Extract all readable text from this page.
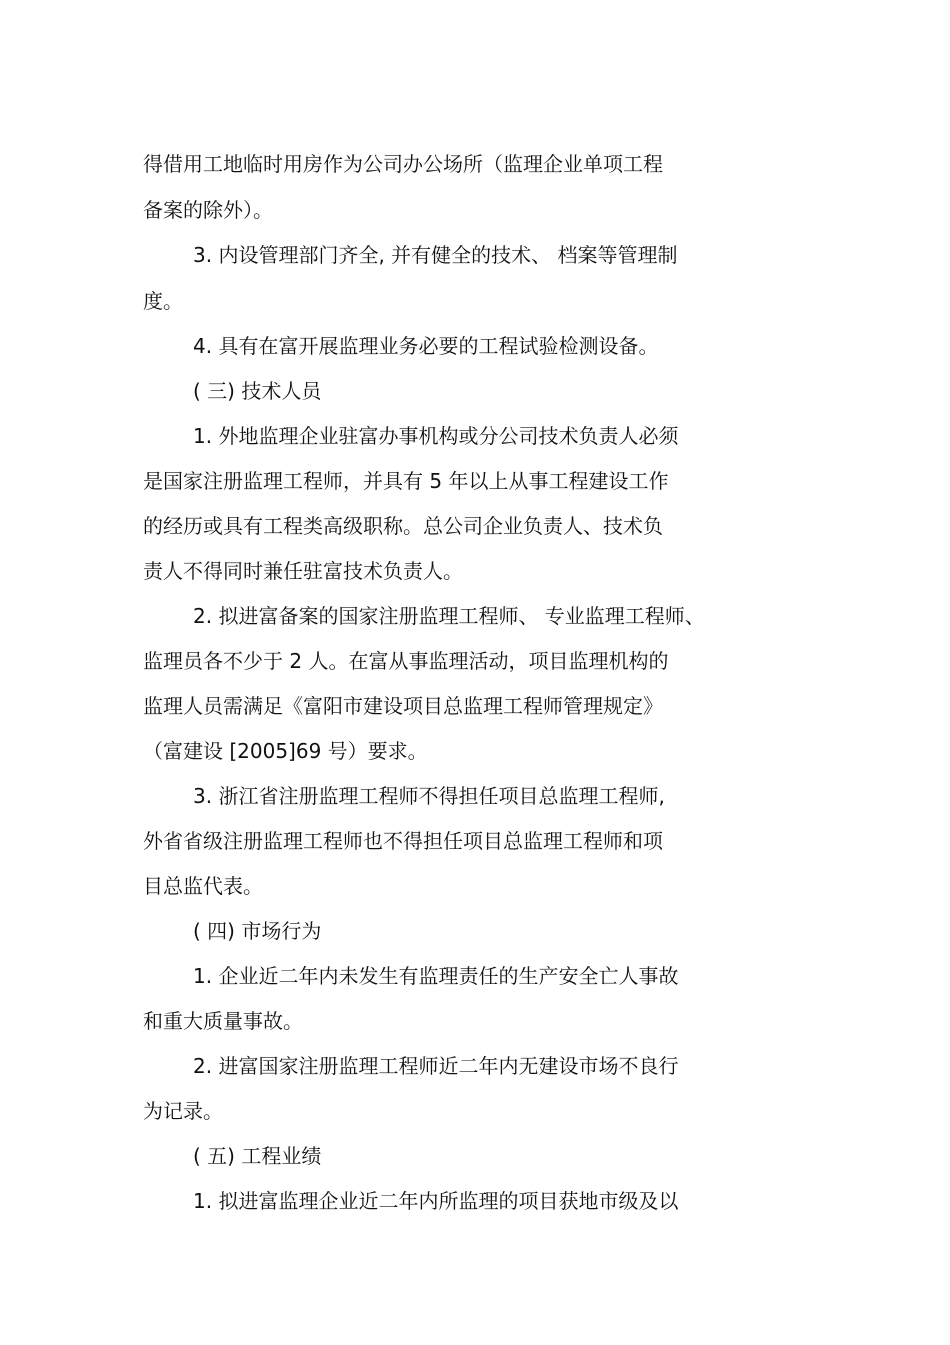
得借用工地临时用房作为公司办公场所（监理企业单项工程
备案的除外）。
3. 内设管理部门齐全, 并有健全的技术、 档案等管理制
度。
4. 具有在富开展监理业务必要的工程试验检测设备。
( 三) 技术人员
1. 外地监理企业驻富办事机构或分公司技术负责人必须
是国家注册监理工程师，并具有 5 年以上从事工程建设工作
的经历或具有工程类高级职称。总公司企业负责人、技术负
责人不得同时兼任驻富技术负责人。
2. 拟进富备案的国家注册监理工程师、 专业监理工程师、
监理员各不少于 2 人。在富从事监理活动，项目监理机构的
监理人员需满足《富阳市建设项目总监理工程师管理规定》
（富建设 [2005]69 号）要求。
3. 浙江省注册监理工程师不得担任项目总监理工程师,
外省省级注册监理工程师也不得担任项目总监理工程师和项
目总监代表。
( 四) 市场行为
1. 企业近二年内未发生有监理责任的生产安全亡人事故
和重大质量事故。
2. 进富国家注册监理工程师近二年内无建设市场不良行
为记录。
( 五) 工程业绩
1. 拟进富监理企业近二年内所监理的项目获地市级及以
